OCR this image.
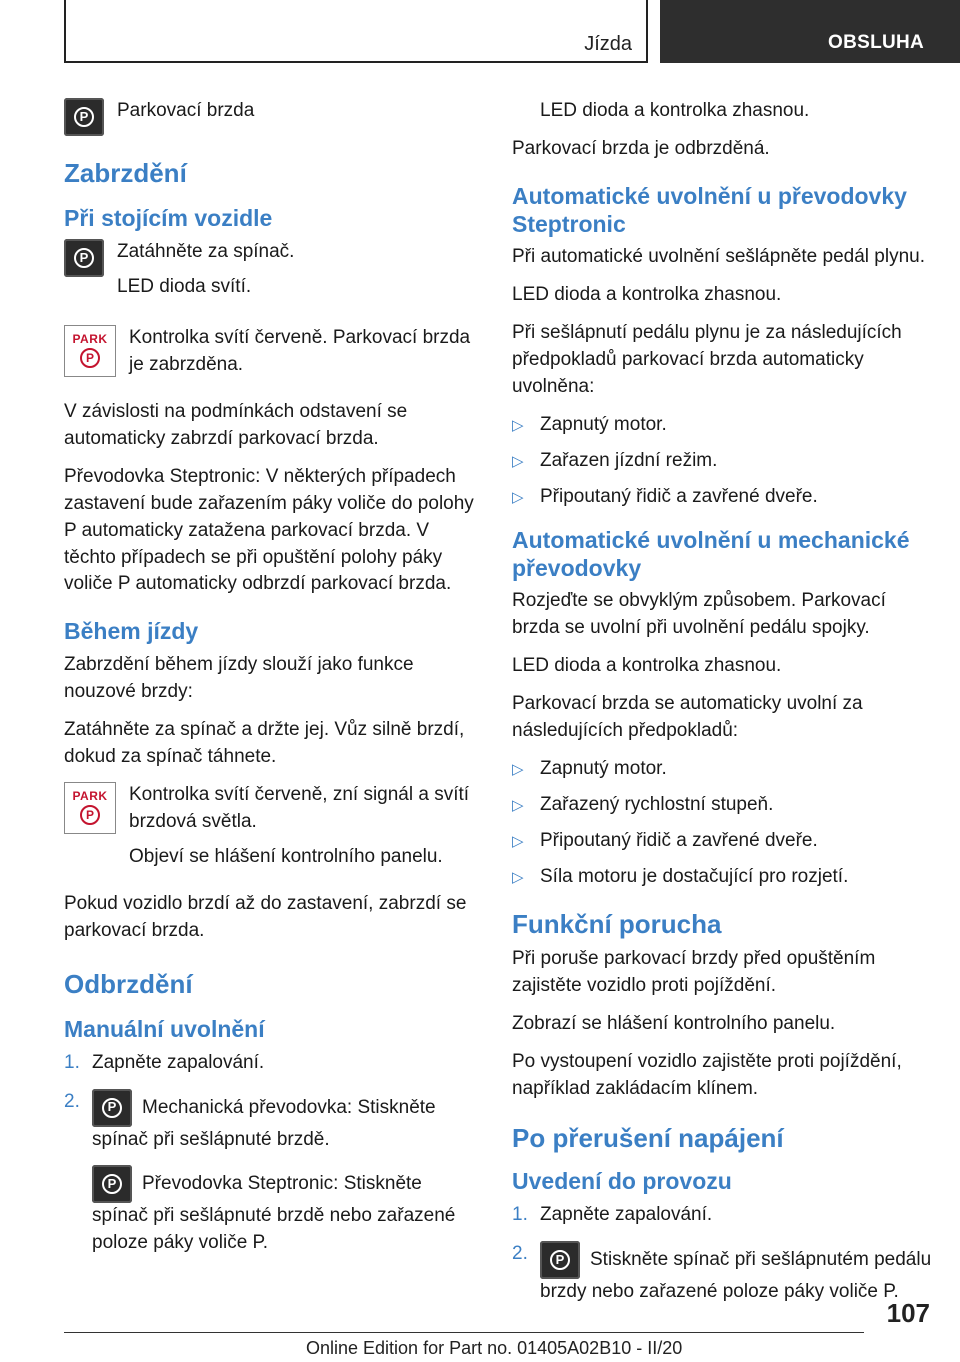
Jízda	OBSLUHA
P Parkovací brzda

Zabrzdění
Při stojícím vozidle
P Zatáhněte za spínač.

LED dioda svítí.

PARK
P

Kontrolka svítí červeně. Parkovací brzda je zabrzděna.

V závislosti na podmínkách odstavení se automaticky zabrzdí parkovací brzda.

Převodovka Steptronic: V některých případech zastavení bude zařazením páky voliče do polohy P automaticky zatažena parkovací brzda. V těchto případech se při opuštění polohy páky voliče P automaticky odbrzdí parkovací brzda.

Během jízdy

Zabrzdění během jízdy slouží jako funkce nouzové brzdy:

Zatáhněte za spínač a držte jej. Vůz silně brzdí, dokud za spínač táhnete.

PARK
P

Kontrolka svítí červeně, zní signál a svítí brzdová světla.

Objeví se hlášení kontrolního panelu.

Pokud vozidlo brzdí až do zastavení, zabrzdí se parkovací brzda.

Odbrzdění
Manuální uvolnění
1. Zapněte zapalování.
2.	P Mechanická převodovka: Stiskněte spínač při sešlápnuté brzdě.
P Převodovka Steptronic: Stiskněte spínač při sešlápnuté brzdě nebo zařazené poloze páky voliče P.

LED dioda a kontrolka zhasnou.

Parkovací brzda je odbrzděná.

Automatické uvolnění u převodovky Steptronic

Při automatické uvolnění sešlápněte pedál plynu.

LED dioda a kontrolka zhasnou.

Při sešlápnutí pedálu plynu je za následujících předpokladů parkovací brzda automaticky uvolněna:

▷ Zapnutý motor.
▷ Zařazen jízdní režim.
▷ Připoutaný řidič a zavřené dveře.
Automatické uvolnění u mechanické převodovky

Rozjeďte se obvyklým způsobem. Parkovací brzda se uvolní při uvolnění pedálu spojky.

LED dioda a kontrolka zhasnou.

Parkovací brzda se automaticky uvolní za následujících předpokladů:

▷ Zapnutý motor.
▷ Zařazený rychlostní stupeň.
▷ Připoutaný řidič a zavřené dveře.
▷ Síla motoru je dostačující pro rozjetí.
Funkční porucha

Při poruše parkovací brzdy před opuštěním zajistěte vozidlo proti pojíždění.

Zobrazí se hlášení kontrolního panelu.

Po vystoupení vozidlo zajistěte proti pojíždění, například zakládacím klínem.

Po přerušení napájení
Uvedení do provozu
1. Zapněte zapalování.
2.	P Stiskněte spínač při sešlápnutém pedálu brzdy nebo zařazené poloze páky voliče P.
107
Online Edition for Part no. 01405A02B10 - II/20
